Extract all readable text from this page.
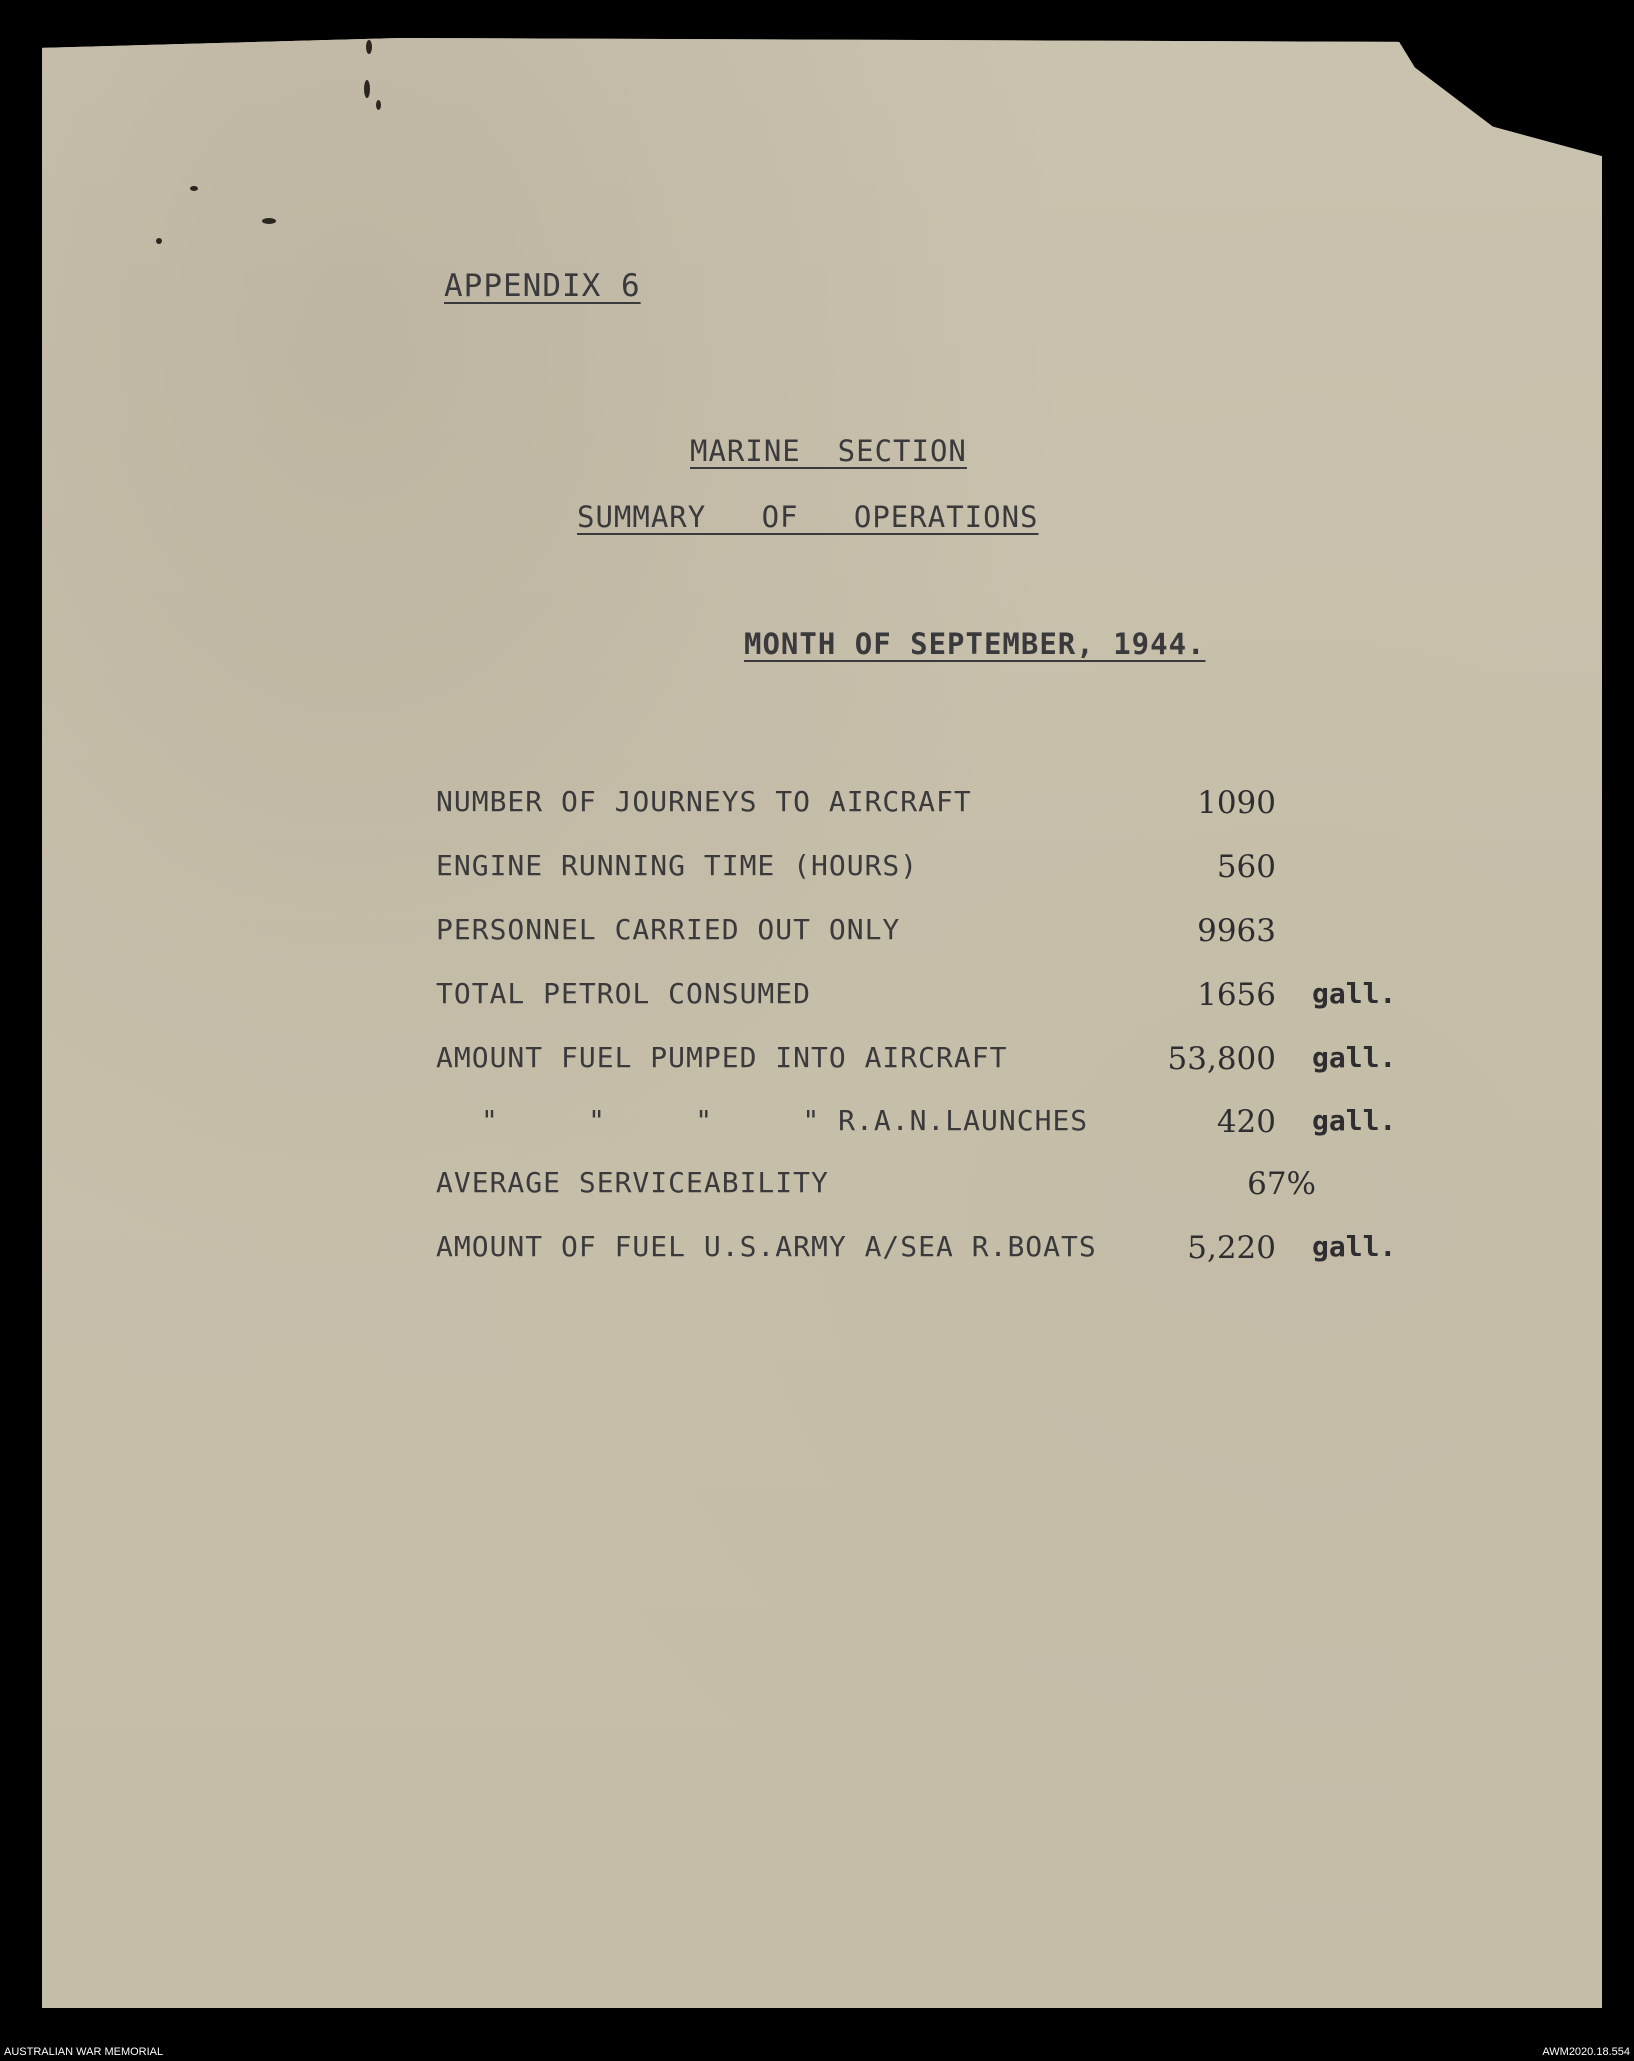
APPENDIX 6
MARINE  SECTION
SUMMARY   OF   OPERATIONS
MONTH OF SEPTEMBER, 1944.
NUMBER OF JOURNEYS TO AIRCRAFT	1090
ENGINE RUNNING TIME (HOURS)	560
PERSONNEL CARRIED OUT ONLY	9963
TOTAL PETROL CONSUMED	1656 gall.
AMOUNT FUEL PUMPED INTO AIRCRAFT	53,800 gall.
"     "     "     " R.A.N.LAUNCHES	420 gall.
AVERAGE SERVICEABILITY	67%
AMOUNT OF FUEL U.S.ARMY A/SEA R.BOATS	5,220 gall.
AUSTRALIAN WAR MEMORIAL	AWM2020.18.554
